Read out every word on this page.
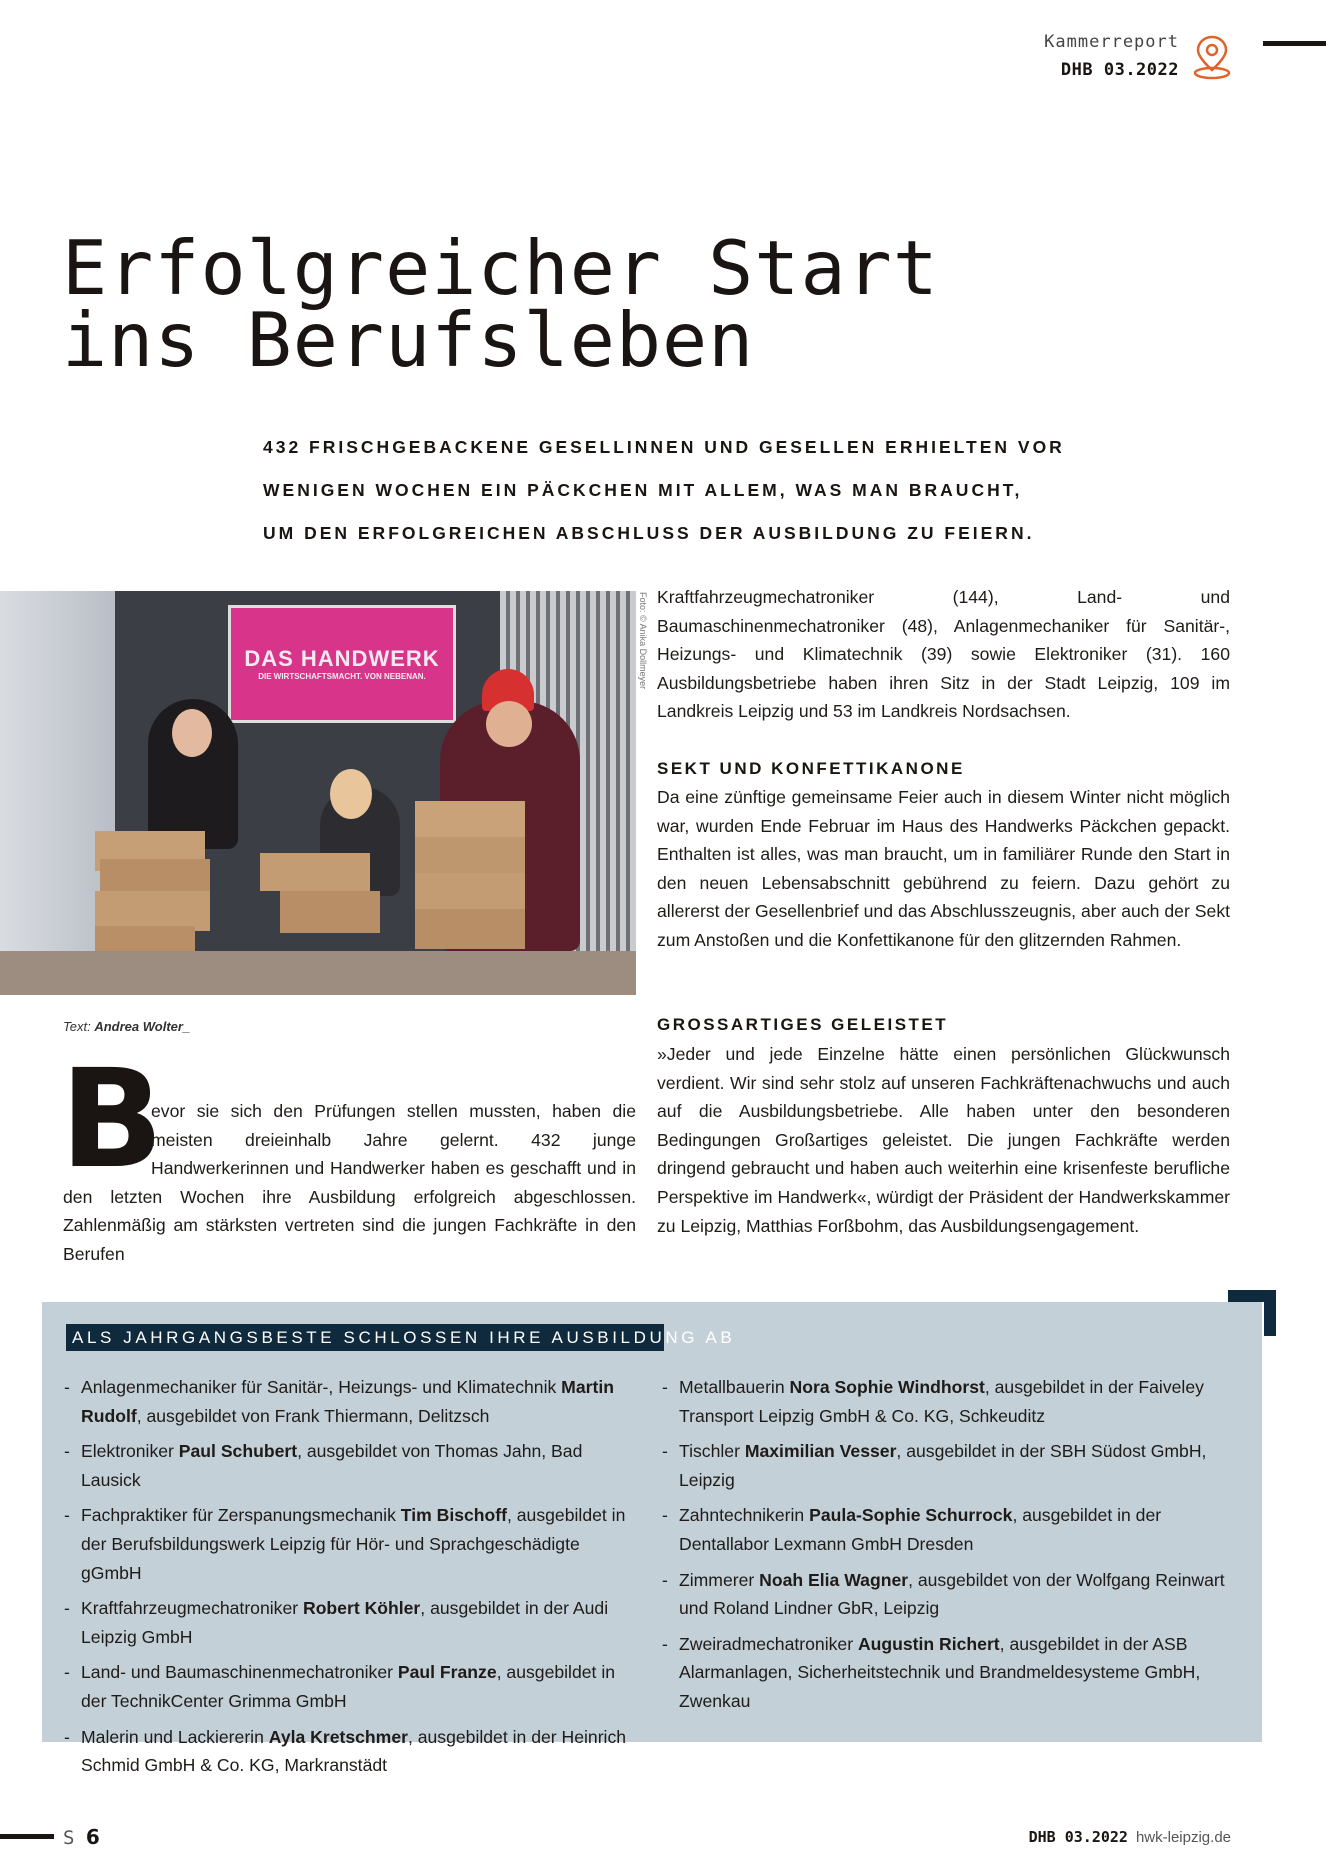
Kammerreport
DHB 03.2022
Erfolgreicher Start
ins Berufsleben
432 FRISCHGEBACKENE GESELLINNEN UND GESELLEN ERHIELTEN VOR
WENIGEN WOCHEN EIN PÄCKCHEN MIT ALLEM, WAS MAN BRAUCHT,
UM DEN ERFOLGREICHEN ABSCHLUSS DER AUSBILDUNG ZU FEIERN.
DAS HANDWERK
DIE WIRTSCHAFTSMACHT. VON NEBENAN.	Foto: © Anika Dollmeyer
Text: Andrea Wolter_
B

evor sie sich den Prüfungen stellen mussten, haben die meisten dreieinhalb Jahre gelernt. 432 junge Handwerkerinnen und Handwerker haben es geschafft und in den letzten Wochen ihre Ausbildung erfolgreich abgeschlossen. Zahlenmäßig am stärksten vertreten sind die jungen Fachkräfte in den Berufen

Kraftfahrzeugmechatroniker (144), Land- und Baumaschinenmechatroniker (48), Anlagenmechaniker für Sanitär-, Heizungs- und Klimatechnik (39) sowie Elektroniker (31). 160 Ausbildungsbetriebe haben ihren Sitz in der Stadt Leipzig, 109 im Landkreis Leipzig und 53 im Landkreis Nordsachsen.

SEKT UND KONFETTIKANONE

Da eine zünftige gemeinsame Feier auch in diesem Winter nicht möglich war, wurden Ende Februar im Haus des Handwerks Päckchen gepackt. Enthalten ist alles, was man braucht, um in familiärer Runde den Start in den neuen Lebensabschnitt gebührend zu feiern. Dazu gehört zu allererst der Gesellenbrief und das Abschlusszeugnis, aber auch der Sekt zum Anstoßen und die Konfettikanone für den glitzernden Rahmen.

GROSSARTIGES GELEISTET

»Jeder und jede Einzelne hätte einen persönlichen Glückwunsch verdient. Wir sind sehr stolz auf unseren Fachkräftenachwuchs und auch auf die Ausbildungsbetriebe. Alle haben unter den besonderen Bedingungen Großartiges geleistet. Die jungen Fachkräfte werden dringend gebraucht und haben auch weiterhin eine krisenfeste berufliche Perspektive im Handwerk«, würdigt der Präsident der Handwerkskammer zu Leipzig, Matthias Forßbohm, das Ausbildungsengagement.

ALS JAHRGANGSBESTE SCHLOSSEN IHRE AUSBILDUNG AB
- Anlagenmechaniker für Sanitär-, Heizungs- und Klimatechnik Martin Rudolf, ausgebildet von Frank Thiermann, Delitzsch
- Elektroniker Paul Schubert, ausgebildet von Thomas Jahn, Bad Lausick
- Fachpraktiker für Zerspanungsmechanik Tim Bischoff, ausgebildet in der Berufsbildungswerk Leipzig für Hör- und Sprachgeschädigte gGmbH
- Kraftfahrzeugmechatroniker Robert Köhler, ausgebildet in der Audi Leipzig GmbH
- Land- und Baumaschinenmechatroniker Paul Franze, ausgebildet in der TechnikCenter Grimma GmbH
- Malerin und Lackiererin Ayla Kretschmer, ausgebildet in der Heinrich Schmid GmbH & Co. KG, Markranstädt
- Metallbauerin Nora Sophie Windhorst, ausgebildet in der Faiveley Transport Leipzig GmbH & Co. KG, Schkeuditz
- Tischler Maximilian Vesser, ausgebildet in der SBH Südost GmbH, Leipzig
- Zahntechnikerin Paula-Sophie Schurrock, ausgebildet in der Dentallabor Lexmann GmbH Dresden
- Zimmerer Noah Elia Wagner, ausgebildet von der Wolfgang Reinwart und Roland Lindner GbR, Leipzig
- Zweiradmechatroniker Augustin Richert, ausgebildet in der ASB Alarmanlagen, Sicherheitstechnik und Brandmeldesysteme GmbH, Zwenkau
S 6	DHB 03.2022 hwk-leipzig.de
